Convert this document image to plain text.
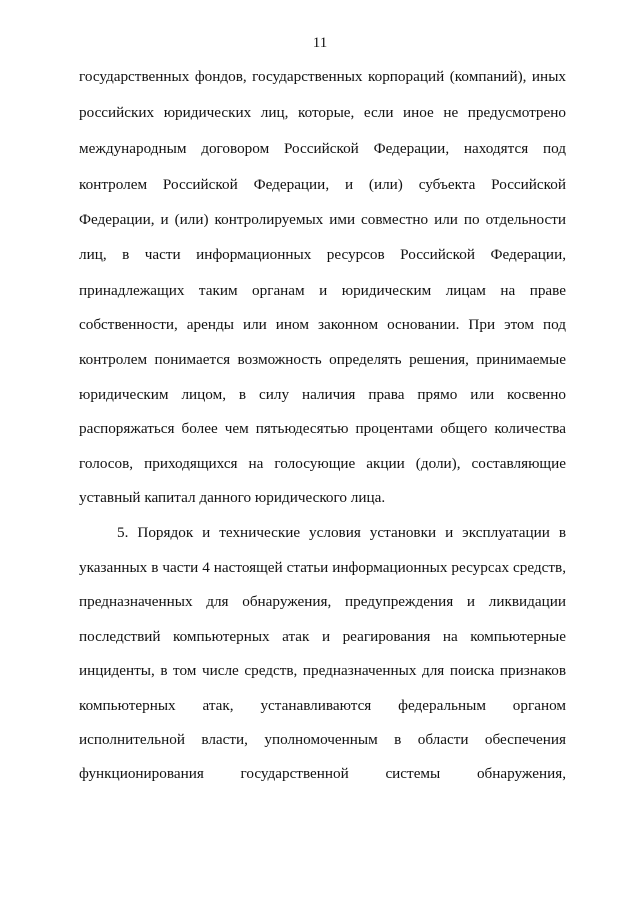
11
государственных фондов, государственных корпораций (компаний), иных
российских юридических лиц, которые, если иное не предусмотрено
международным договором Российской Федерации, находятся под
контролем Российской Федерации, и (или) субъекта Российской
Федерации, и (или) контролируемых ими совместно или по отдельности
лиц, в части информационных ресурсов Российской Федерации,
принадлежащих таким органам и юридическим лицам на праве
собственности, аренды или ином законном основании. При этом под
контролем понимается возможность определять решения, принимаемые
юридическим лицом, в силу наличия права прямо или косвенно
распоряжаться более чем пятьюдесятью процентами общего количества
голосов, приходящихся на голосующие акции (доли), составляющие
уставный капитал данного юридического лица.
5. Порядок и технические условия установки и эксплуатации в
указанных в части 4 настоящей статьи информационных ресурсах средств,
предназначенных для обнаружения, предупреждения и ликвидации
последствий компьютерных атак и реагирования на компьютерные
инциденты, в том числе средств, предназначенных для поиска признаков
компьютерных атак, устанавливаются федеральным органом
исполнительной власти, уполномоченным в области обеспечения
функционирования государственной системы обнаружения,
